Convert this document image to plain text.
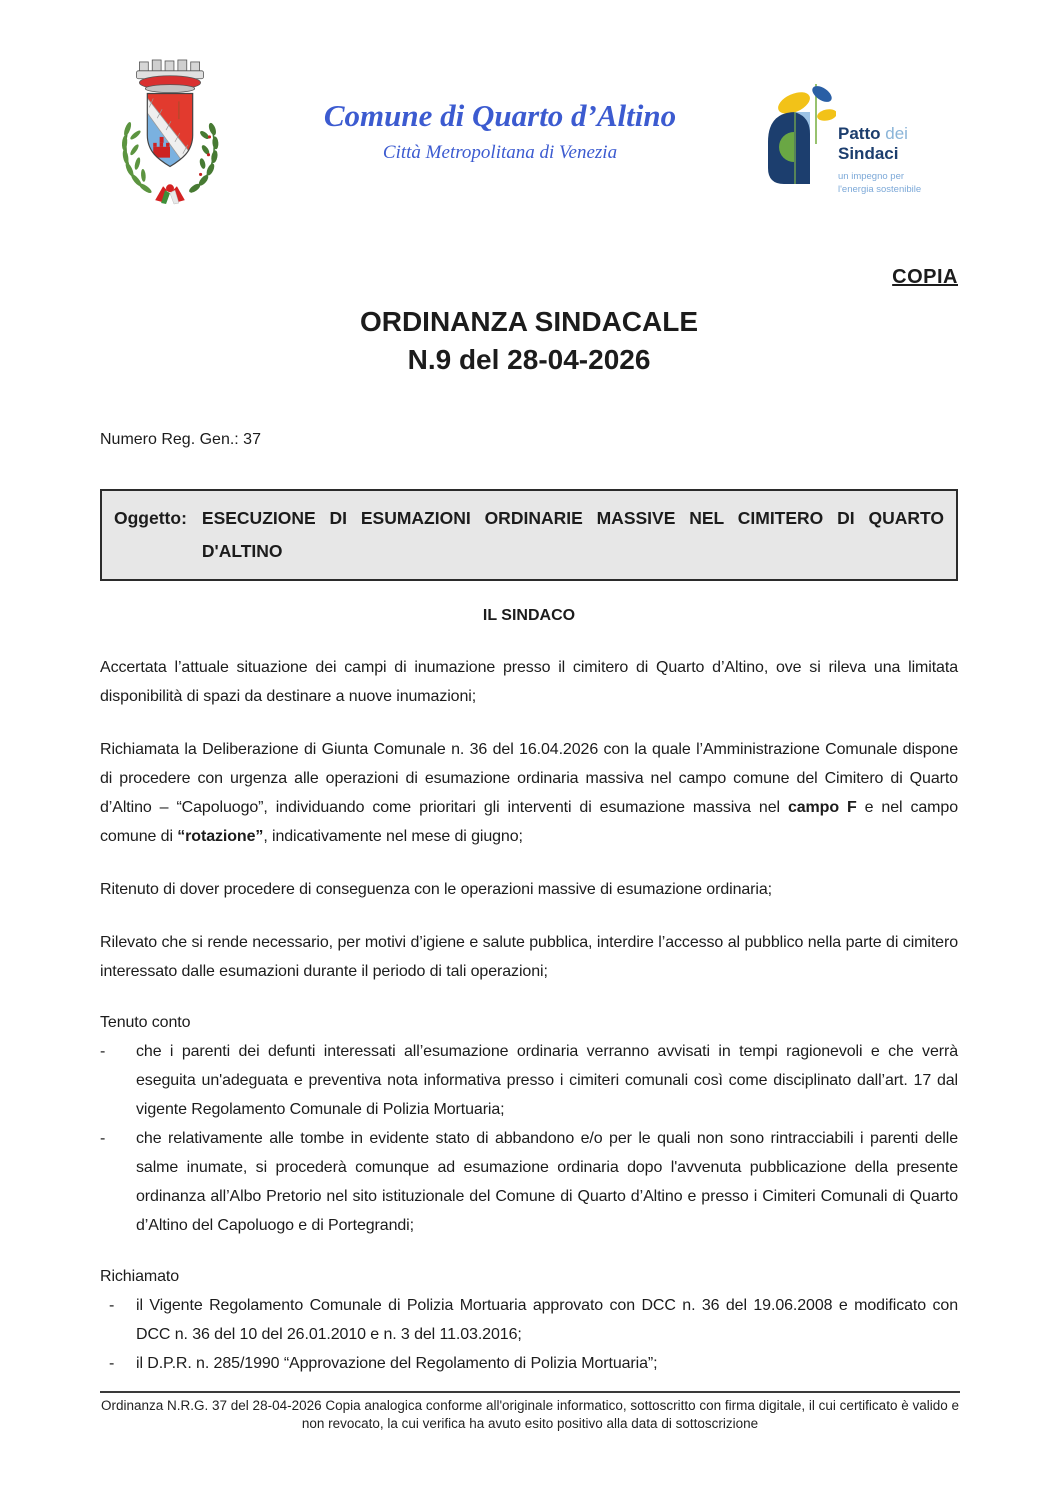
Comune di Quarto d’Altino
Città Metropolitana di Venezia
Patto dei
Sindaci
un impegno per
l'energia sostenibile
COPIA
ORDINANZA SINDACALE
N.9 del 28-04-2026
Numero Reg. Gen.: 37
Oggetto: ESECUZIONE DI ESUMAZIONI ORDINARIE MASSIVE NEL CIMITERO DI QUARTO D'ALTINO
IL SINDACO

Accertata l’attuale situazione dei campi di inumazione presso il cimitero di Quarto d’Altino, ove si rileva una limitata disponibilità di spazi da destinare a nuove inumazioni;

Richiamata la Deliberazione di Giunta Comunale n. 36 del 16.04.2026 con la quale l’Amministrazione Comunale dispone di procedere con urgenza alle operazioni di esumazione ordinaria massiva nel campo comune del Cimitero di Quarto d’Altino – “Capoluogo”, individuando come prioritari gli interventi di esumazione massiva nel campo F e nel campo comune di “rotazione”, indicativamente nel mese di giugno;

Ritenuto di dover procedere di conseguenza con le operazioni massive di esumazione ordinaria;

Rilevato che si rende necessario, per motivi d’igiene e salute pubblica, interdire l’accesso al pubblico nella parte di cimitero interessato dalle esumazioni durante il periodo di tali operazioni;

Tenuto conto
-	che i parenti dei defunti interessati all’esumazione ordinaria verranno avvisati in tempi ragionevoli e che verrà eseguita un'adeguata e preventiva nota informativa presso i cimiteri comunali così come disciplinato dall’art. 17 dal vigente Regolamento Comunale di Polizia Mortuaria;
-	che relativamente alle tombe in evidente stato di abbandono e/o per le quali non sono rintracciabili i parenti delle salme inumate, si procederà comunque ad esumazione ordinaria dopo l'avvenuta pubblicazione della presente ordinanza all’Albo Pretorio nel sito istituzionale del Comune di Quarto d’Altino e presso i Cimiteri Comunali di Quarto d’Altino del Capoluogo e di Portegrandi;
Richiamato
-	il Vigente Regolamento Comunale di Polizia Mortuaria approvato con DCC n. 36 del 19.06.2008 e modificato con DCC n. 36 del 10 del 26.01.2010 e n. 3 del 11.03.2016;
-	il D.P.R. n. 285/1990 “Approvazione del Regolamento di Polizia Mortuaria”;
Ordinanza N.R.G. 37 del 28-04-2026 Copia analogica conforme all'originale informatico, sottoscritto con firma digitale, il cui certificato è valido e non revocato, la cui verifica ha avuto esito positivo alla data di sottoscrizione
